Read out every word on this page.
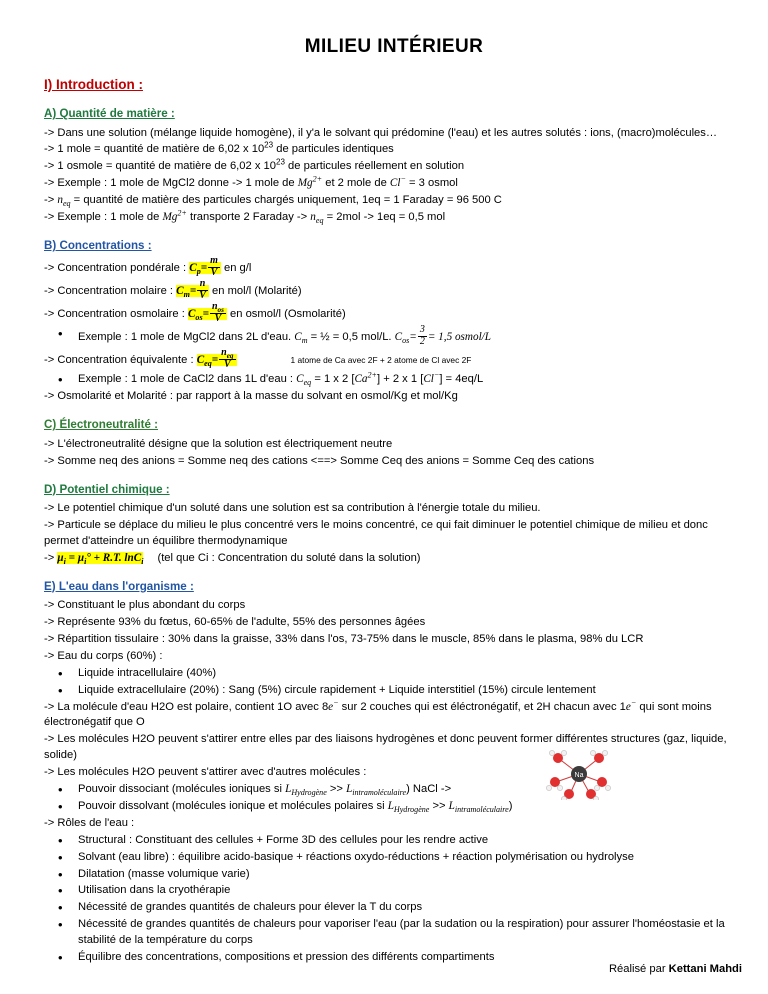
MILIEU INTÉRIEUR
I) Introduction :
A) Quantité de matière :
-> Dans une solution (mélange liquide homogène), il y'a le solvant qui prédomine (l'eau) et les autres solutés : ions, (macro)molécules…
-> 1 mole = quantité de matière de 6,02 x $10^{23}$ de particules identiques
-> 1 osmole = quantité de matière de 6,02 x $10^{23}$ de particules réellement en solution
-> Exemple : 1 mole de MgCl2 donne -> 1 mole de $Mg^{2+}$ et 2 mole de Cl− = 3 osmol
-> $n_{eq}$ = quantité de matière des particules chargés uniquement, 1eq = 1 Faraday = 96 500 C
-> Exemple : 1 mole de $Mg^{2+}$ transporte 2 Faraday -> $n_{eq} = 2mol -> 1eq = 0,5$ mol
B) Concentrations :
-> Concentration pondérale : $C_p= \frac{m}{V}$ en g/l
-> Concentration molaire : $C_m= \frac{n}{V}$ en mol/l (Molarité)
-> Concentration osmolaire : $C_{os}= \frac{n_{os}}{V}$ en osmol/l (Osmolarité)
• Exemple : 1 mole de MgCl2 dans 2L d'eau. $C_m$ = ½ = 0,5 mol/L. $C_{os}= \frac{3}{2} = 1,5$ osmol/L
-> Concentration équivalente : $C_{eq}= \frac{n_{eq}}{V}$	1 atome de Ca avec 2F + 2 atome de Cl avec 2F
• Exemple : 1 mole de CaCl2 dans 1L d'eau : $C_{eq} = 1$ x 2 $[Ca^{2+}] + 2$ x 1 [Cl−] = 4eq/L
-> Osmolarité et Molarité : par rapport à la masse du solvant en osmol/Kg et mol/Kg
C) Électroneutralité :
-> L'électroneutralité désigne que la solution est électriquement neutre
-> Somme neq des anions = Somme neq des cations <==> Somme Ceq des anions = Somme Ceq des cations
D) Potentiel chimique :
-> Le potentiel chimique d'un soluté dans une solution est sa contribution à l'énergie totale du milieu.
-> Particule se déplace du milieu le plus concentré vers le moins concentré, ce qui fait diminuer le potentiel chimique de milieu et donc permet d'atteindre un équilibre thermodynamique
-> $\mu_i = \mu_i^\circ + R.T$. lnC$_i$ (tel que Ci : Concentration du soluté dans la solution)
E) L'eau dans l'organisme :
-> Constituant le plus abondant du corps
-> Représente 93% du fœtus, 60-65% de l'adulte, 55% des personnes âgées
-> Répartition tissulaire : 30% dans la graisse, 33% dans l'os, 73-75% dans le muscle, 85% dans le plasma, 98% du LCR
-> Eau du corps (60%) :
• Liquide intracellulaire (40%)
• Liquide extracellulaire (20%) : Sang (5%) circule rapidement + Liquide interstitiel (15%) circule lentement
-> La molécule d'eau H2O est polaire, contient 1O avec 8e− sur 2 couches qui est éléctronégatif, et 2H chacun avec 1e− qui sont moins électronégatif que O
-> Les molécules H2O peuvent s'attirer entre elles par des liaisons hydrogènes et donc peuvent former différentes structures (gaz, liquide, solide)
-> Les molécules H2O peuvent s'attirer avec d'autres molécules :
• Pouvoir dissociant (molécules ioniques si $L_{Hydrogène} >> L_{intramoléculaire}$) NaCl ->
• Pouvoir dissolvant (molécules ionique et molécules polaires si $L_{Hydrogène} >> L_{intramoléculaire}$)
Na
-> Rôles de l'eau :
• Structural : Constituant des cellules + Forme 3D des cellules pour les rendre active
• Solvant (eau libre) : équilibre acido-basique + réactions oxydo-réductions + réaction polymérisation ou hydrolyse
• Dilatation (masse volumique varie)
• Utilisation dans la cryothérapie
• Nécessité de grandes quantités de chaleurs pour élever la T du corps
• Nécessité de grandes quantités de chaleurs pour vaporiser l'eau (par la sudation ou la respiration) pour assurer l'homéostasie et la stabilité de la température du corps
• Équilibre des concentrations, compositions et pression des différents compartiments
Réalisé par Kettani Mahdi
